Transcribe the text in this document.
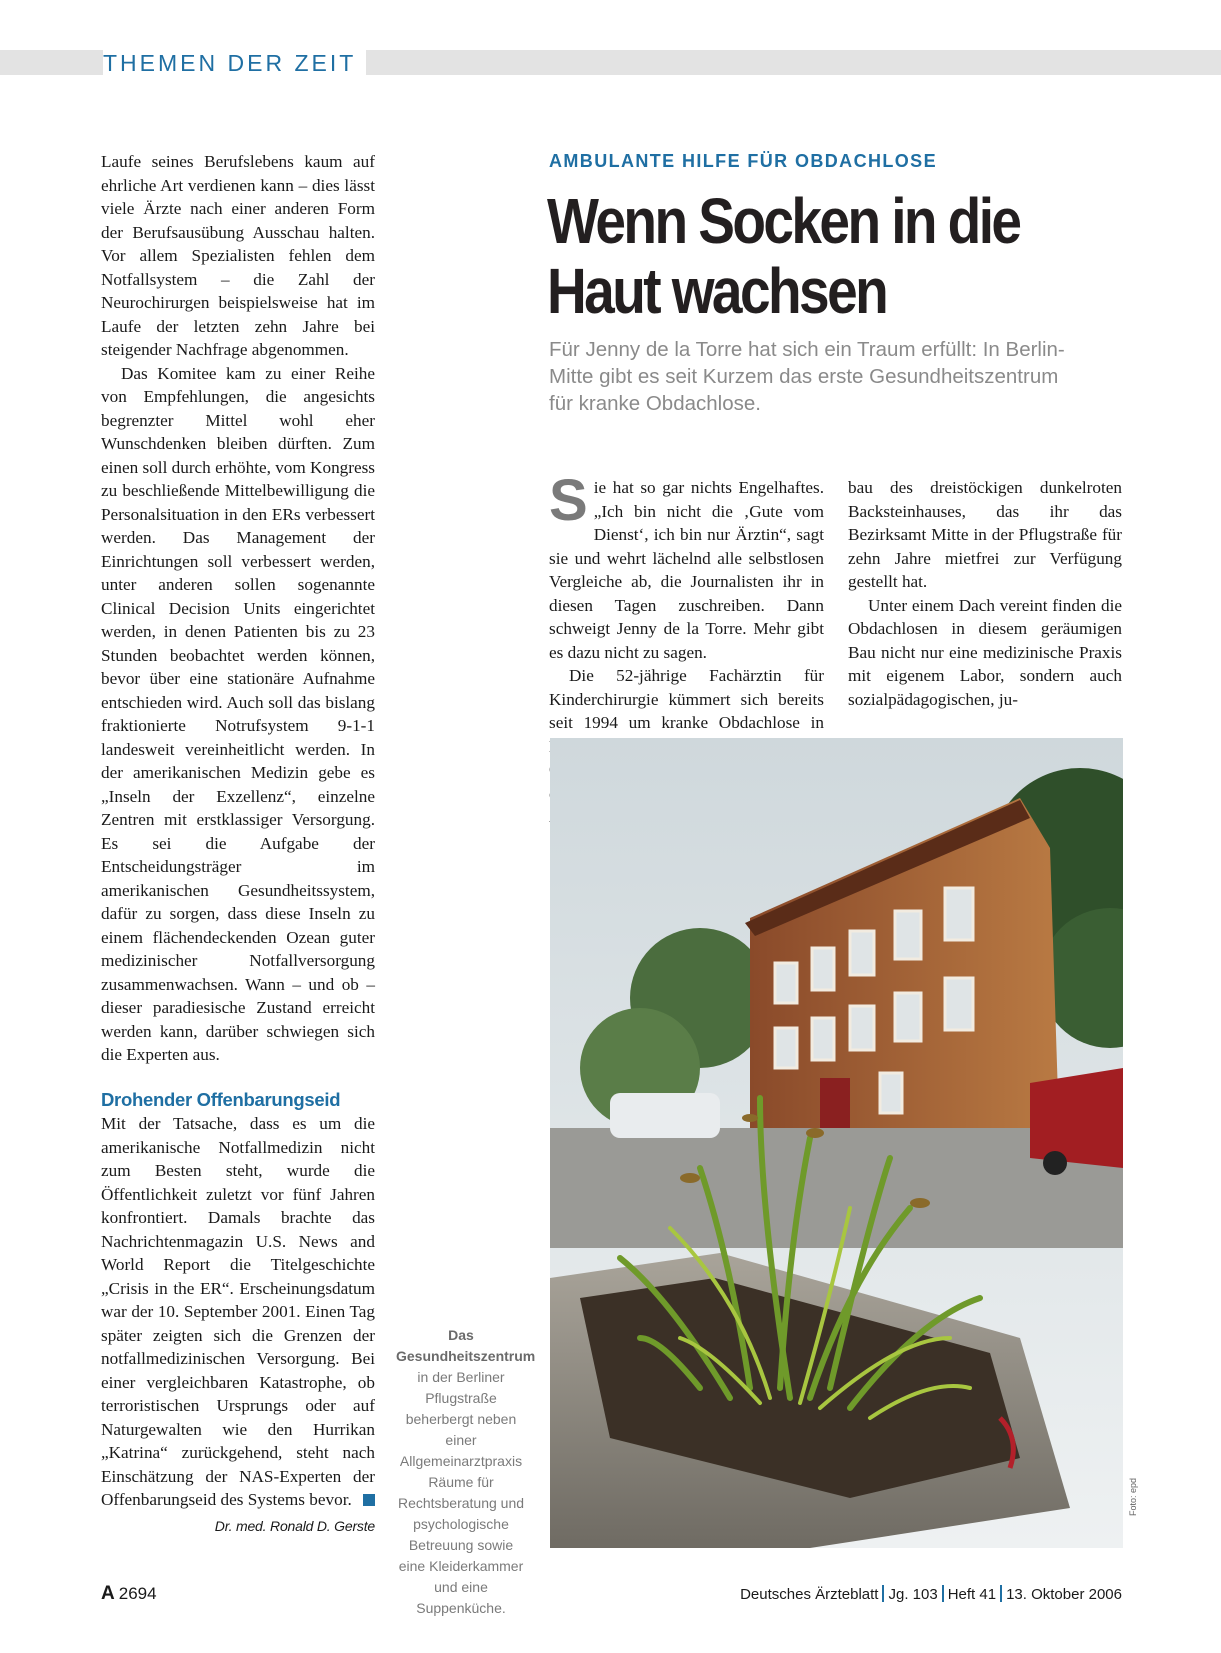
THEMEN DER ZEIT

Laufe seines Berufslebens kaum auf ehrliche Art verdienen kann – dies lässt viele Ärzte nach einer anderen Form der Berufsausübung Ausschau halten. Vor allem Spezialisten fehlen dem Notfallsystem – die Zahl der Neurochirurgen beispielsweise hat im Laufe der letzten zehn Jahre bei steigender Nachfrage abgenommen.

Das Komitee kam zu einer Reihe von Empfehlungen, die angesichts begrenzter Mittel wohl eher Wunschdenken bleiben dürften. Zum einen soll durch erhöhte, vom Kongress zu beschließende Mittelbewilligung die Personalsituation in den ERs verbessert werden. Das Management der Einrichtungen soll verbessert werden, unter anderen sollen sogenannte Clinical Decision Units eingerichtet werden, in denen Patienten bis zu 23 Stunden beobachtet werden können, bevor über eine stationäre Aufnahme entschieden wird. Auch soll das bislang fraktionierte Notrufsystem 9-1-1 landesweit vereinheitlicht werden. In der amerikanischen Medizin gebe es „Inseln der Exzellenz“, einzelne Zentren mit erstklassiger Versorgung. Es sei die Aufgabe der Entscheidungsträger im amerikanischen Gesundheitssystem, dafür zu sorgen, dass diese Inseln zu einem flächendeckenden Ozean guter medizinischer Notfallversorgung zusammenwachsen. Wann – und ob – dieser paradiesische Zustand erreicht werden kann, darüber schwiegen sich die Experten aus.

Drohender Offenbarungseid

Mit der Tatsache, dass es um die amerikanische Notfallmedizin nicht zum Besten steht, wurde die Öffentlichkeit zuletzt vor fünf Jahren konfrontiert. Damals brachte das Nachrichtenmagazin U.S. News and World Report die Titelgeschichte „Crisis in the ER“. Erscheinungsdatum war der 10. September 2001. Einen Tag später zeigten sich die Grenzen der notfallmedizinischen Versorgung. Bei einer vergleichbaren Katastrophe, ob terroristischen Ursprungs oder auf Naturgewalten wie den Hurrikan „Katrina“ zurückgehend, steht nach Einschätzung der NAS-Experten der Offenbarungseid des Systems bevor.

Dr. med. Ronald D. Gerste
AMBULANTE HILFE FÜR OBDACHLOSE
Wenn Socken in die Haut wachsen
Für Jenny de la Torre hat sich ein Traum erfüllt: In Berlin-Mitte gibt es seit Kurzem das erste Gesundheitszentrum für kranke Obdachlose.

Sie hat so gar nichts Engelhaftes. „Ich bin nicht die ‚Gute vom Dienst‘, ich bin nur Ärztin“, sagt sie und wehrt lächelnd alle selbstlosen Vergleiche ab, die Journalisten ihr in diesen Tagen zuschreiben. Dann schweigt Jenny de la Torre. Mehr gibt es dazu nicht zu sagen.

Die 52-jährige Fachärztin für Kinderchirurgie kümmert sich bereits seit 1994 um kranke Obdachlose in

bau des dreistöckigen dunkelroten Backsteinhauses, das ihr das Bezirksamt Mitte in der Pflugstraße für zehn Jahre mietfrei zur Verfügung gestellt hat.

Unter einem Dach vereint finden die Obdachlosen in diesem geräumigen Bau nicht nur eine medizinische Praxis mit eigenem Labor, sondern auch sozialpädagogischen, ju-

Das Gesundheitszentrum in der Berliner Pflugstraße beherbergt neben einer Allgemeinarztpraxis Räume für Rechtsberatung und psychologische Betreuung sowie eine Kleiderkammer und eine Suppenküche.
Foto: epd
A 2694	Deutsches Ärzteblatt Jg. 103 Heft 41 13. Oktober 2006
